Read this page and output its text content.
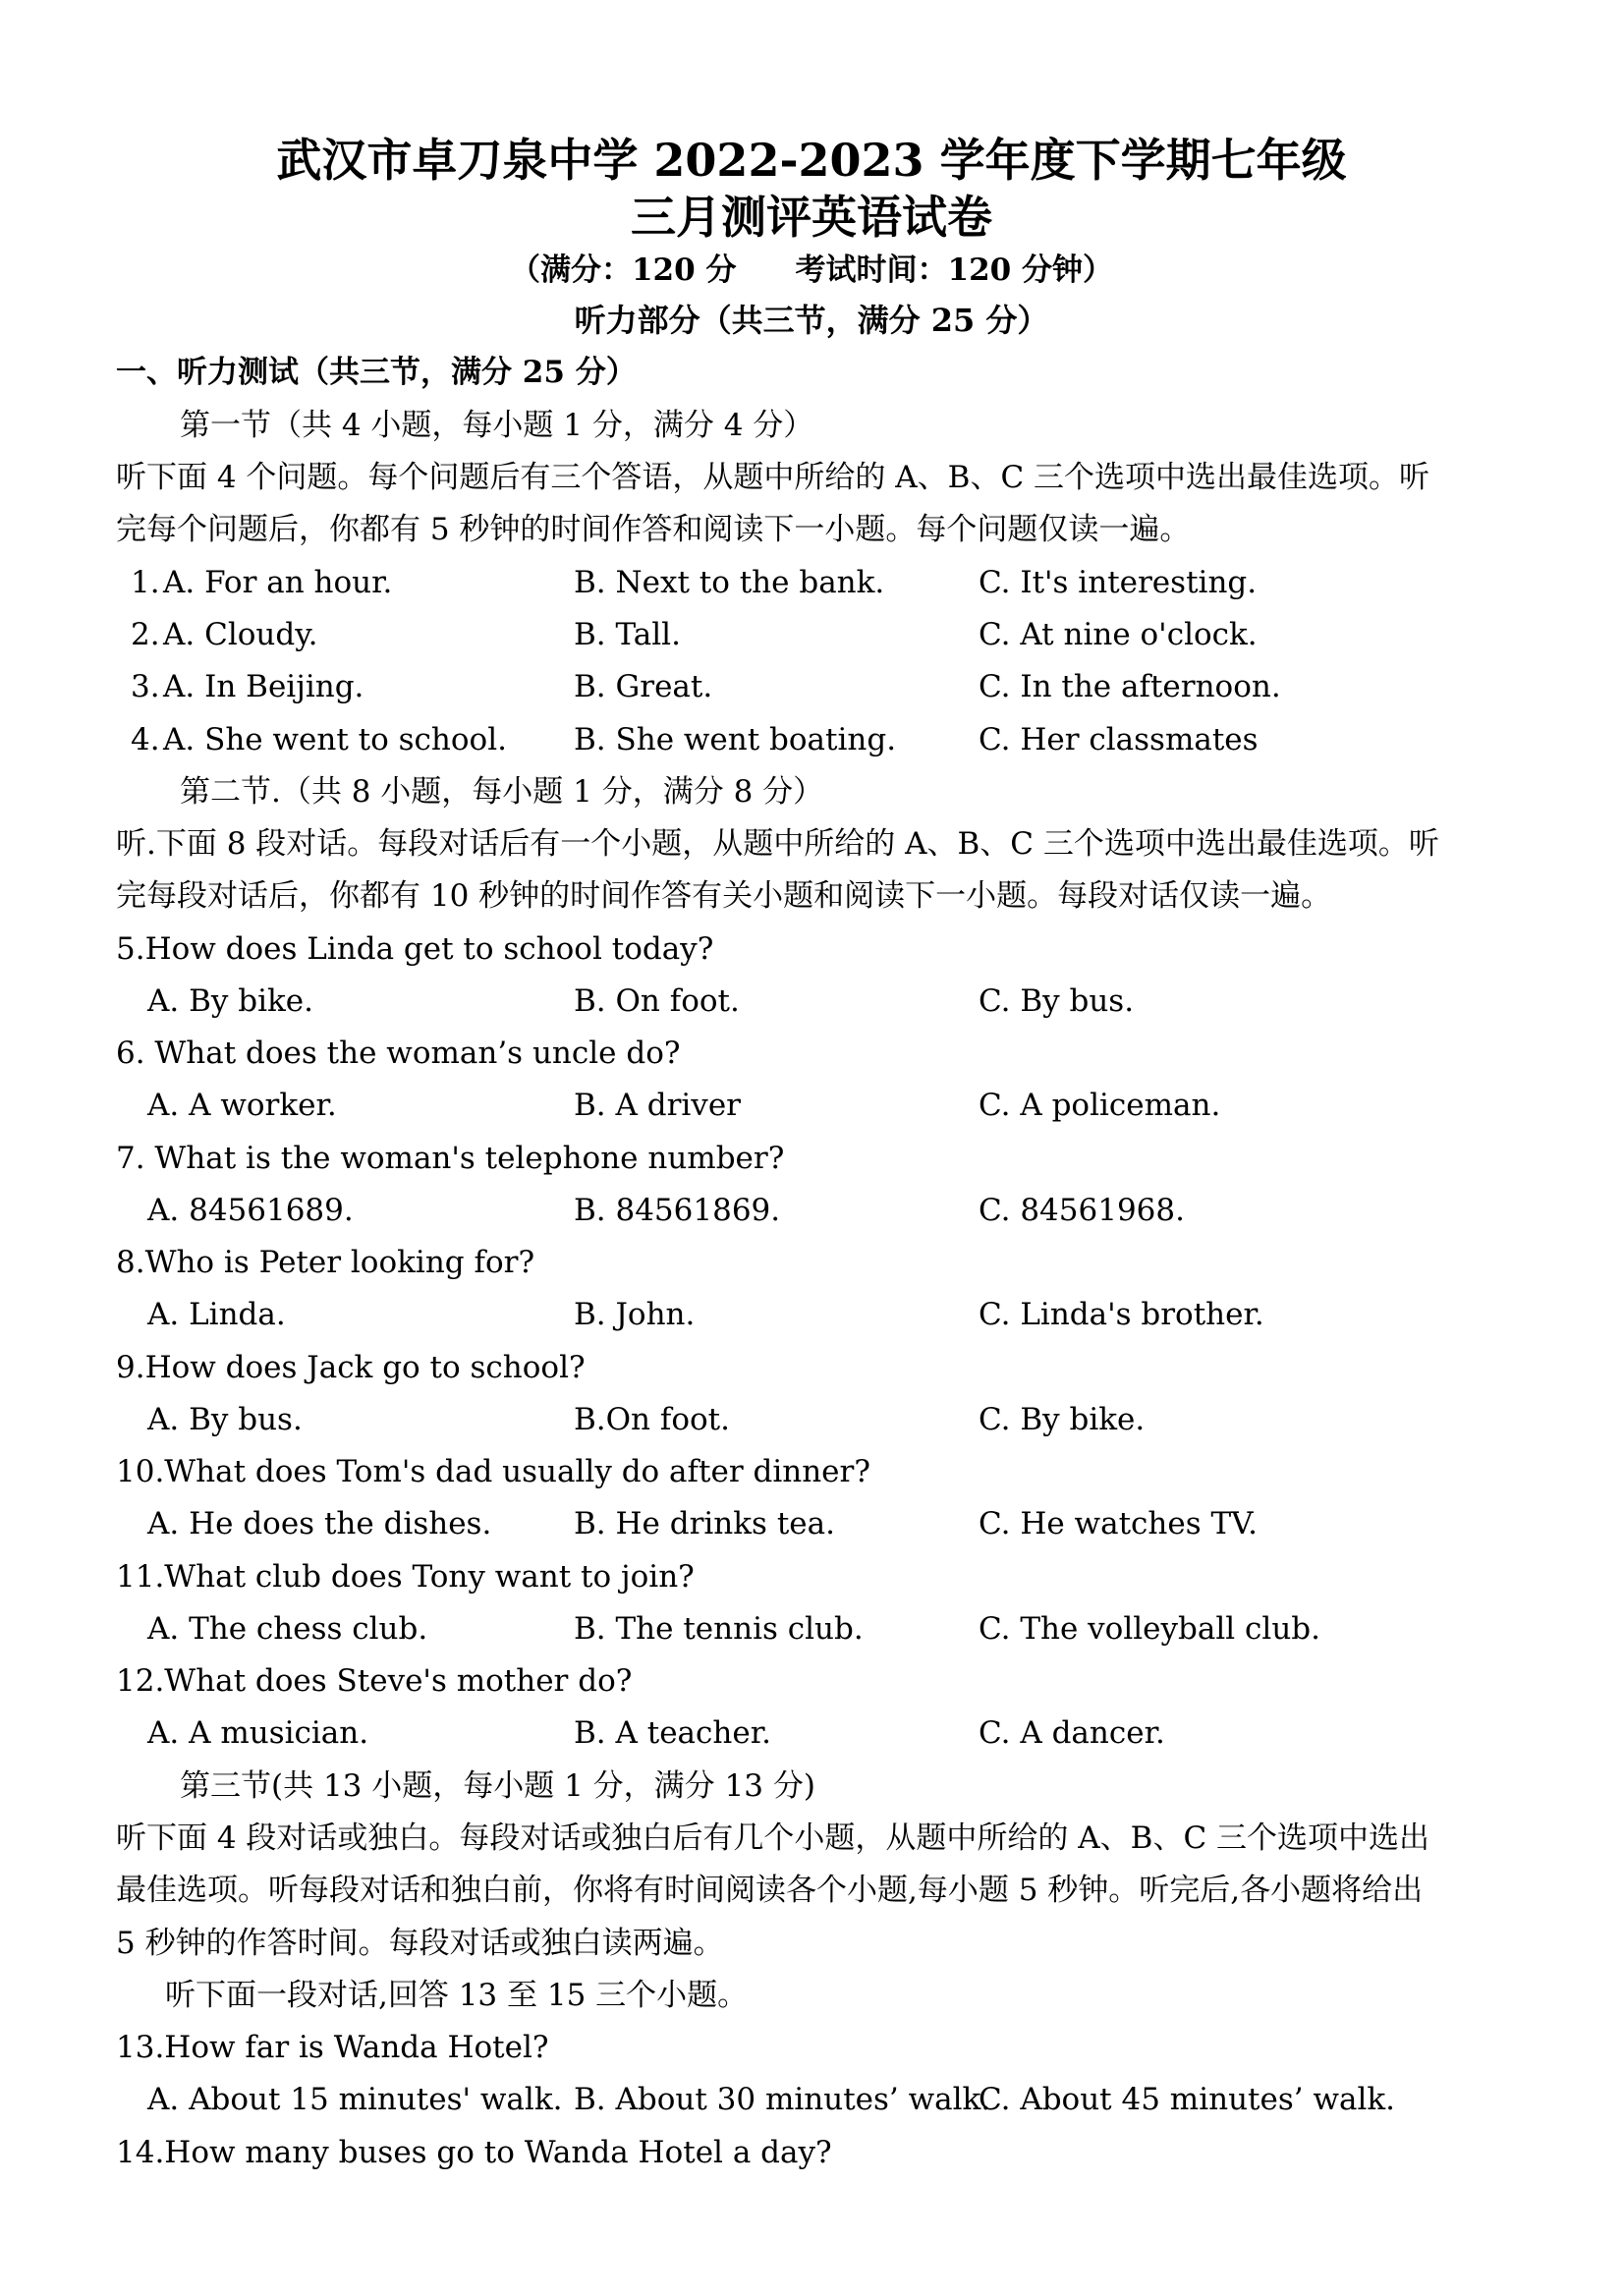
武汉市卓刀泉中学 2022-2023 学年度下学期七年级
三月测评英语试卷
（满分：120 分 考试时间：120 分钟）
听力部分（共三节，满分 25 分）
一、听力测试（共三节，满分 25 分）
第一节（共 4 小题，每小题 1 分，满分 4 分）
听下面 4 个问题。每个问题后有三个答语，从题中所给的 A、B、C 三个选项中选出最佳选项。听
完每个问题后，你都有 5 秒钟的时间作答和阅读下一小题。每个问题仅读一遍。
1. A. For an hour.	B. Next to the bank.	C. It's interesting.
2. A. Cloudy.	B. Tall.	C. At nine o'clock.
3. A. In Beijing.	B. Great.	C. In the afternoon.
4. A. She went to school. B. She went boating.	C. Her classmates
第二节.（共 8 小题，每小题 1 分，满分 8 分）
听.下面 8 段对话。每段对话后有一个小题，从题中所给的 A、B、C 三个选项中选出最佳选项。听
完每段对话后，你都有 10 秒钟的时间作答有关小题和阅读下一小题。每段对话仅读一遍。
5.How does Linda get to school today?
A. By bike.	B. On foot.	C. By bus.
6. What does the woman’s uncle do?
A. A worker.	B. A driver	C. A policeman.
7. What is the woman's telephone number?
A. 84561689.	B. 84561869.	C. 84561968.
8.Who is Peter looking for?
A. Linda.	B. John.	C. Linda's brother.
9.How does Jack go to school?
A. By bus.	B.On foot.	C. By bike.
10.What does Tom's dad usually do after dinner?
A. He does the dishes.	B. He drinks tea.	C. He watches TV.
11.What club does Tony want to join?
A. The chess club.	B. The tennis club.	C. The volleyball club.
12.What does Steve's mother do?
A. A musician.	B. A teacher.	C. A dancer.
第三节(共 13 小题，每小题 1 分，满分 13 分)
听下面 4 段对话或独白。每段对话或独白后有几个小题，从题中所给的 A、B、C 三个选项中选出
最佳选项。听每段对话和独白前，你将有时间阅读各个小题,每小题 5 秒钟。听完后,各小题将给出
5 秒钟的作答时间。每段对话或独白读两遍。
听下面一段对话,回答 13 至 15 三个小题。
13.How far is Wanda Hotel?
A. About 15 minutes' walk. B. About 30 minutes’ walk.
C. About 45 minutes’ walk.
14.How many buses go to Wanda Hotel a day?
